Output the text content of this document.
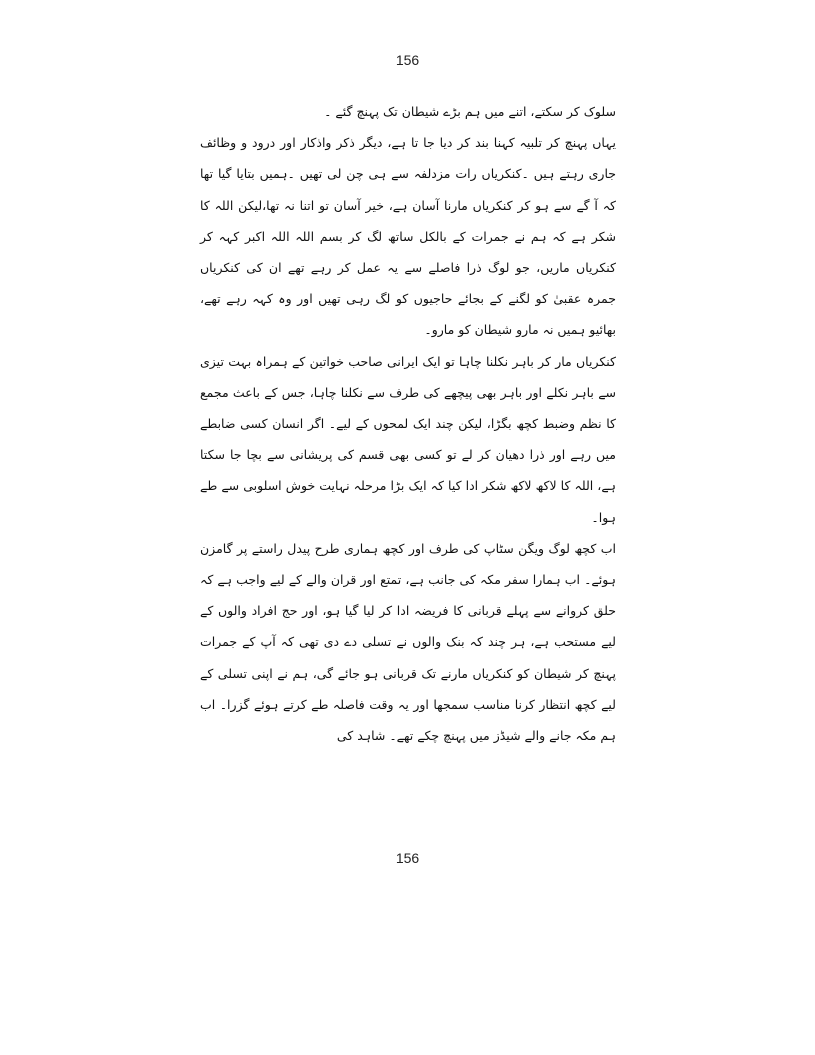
156

سلوک کر سکتے، اتنے میں ہم بڑے شیطان تک پہنچ گئے ۔

یہاں پہنچ کر تلبیہ کہنا بند کر دیا جا تا ہے، دیگر ذکر واذکار اور درود و وظائف جاری رہتے ہیں ۔کنکریاں رات مزدلفہ سے ہی چن لی تھیں ۔ہمیں بتایا گیا تھا کہ آ گے سے ہو کر کنکریاں مارنا آسان ہے، خیر آسان تو اتنا نہ تھا،لیکن اللہ کا شکر ہے کہ ہم نے جمرات کے بالکل ساتھ لگ کر بسم اللہ اللہ اکبر کہہ کر کنکریاں ماریں، جو لوگ ذرا فاصلے سے یہ عمل کر رہے تھے ان کی کنکریاں جمرہ عقبیٰ کو لگنے کے بجائے حاجیوں کو لگ رہی تھیں اور وہ کہہ رہے تھے، بھائیو ہمیں نہ مارو شیطان کو مارو۔

کنکریاں مار کر باہر نکلنا چاہا تو ایک ایرانی صاحب خواتین کے ہمراہ بہت تیزی سے باہر نکلے اور باہر بھی پیچھے کی طرف سے نکلنا چاہا، جس کے باعث مجمع کا نظم وضبط کچھ بگڑا، لیکن چند ایک لمحوں کے لیے۔ اگر انسان کسی ضابطے میں رہے اور ذرا دھیان کر لے تو کسی بھی قسم کی پریشانی سے بچا جا سکتا ہے، اللہ کا لاکھ لاکھ شکر ادا کیا کہ ایک بڑا مرحلہ نہایت خوش اسلوبی سے طے ہوا۔

اب کچھ لوگ ویگن سٹاپ کی طرف اور کچھ ہماری طرح پیدل راستے پر گامزن ہوئے۔ اب ہمارا سفر مکہ کی جانب ہے، تمتع اور قران والے کے لیے واجب ہے کہ حلق کروانے سے پہلے قربانی کا فریضہ ادا کر لیا گیا ہو، اور حج افراد والوں کے لیے مستحب ہے، ہر چند کہ بنک والوں نے تسلی دے دی تھی کہ آپ کے جمرات پہنچ کر شیطان کو کنکریاں مارنے تک قربانی ہو جائے گی، ہم نے اپنی تسلی کے لیے کچھ انتظار کرنا مناسب سمجھا اور یہ وقت فاصلہ طے کرتے ہوئے گزرا۔ اب ہم مکہ جانے والے شیڈز میں پہنچ چکے تھے۔ شاہد کی

156
